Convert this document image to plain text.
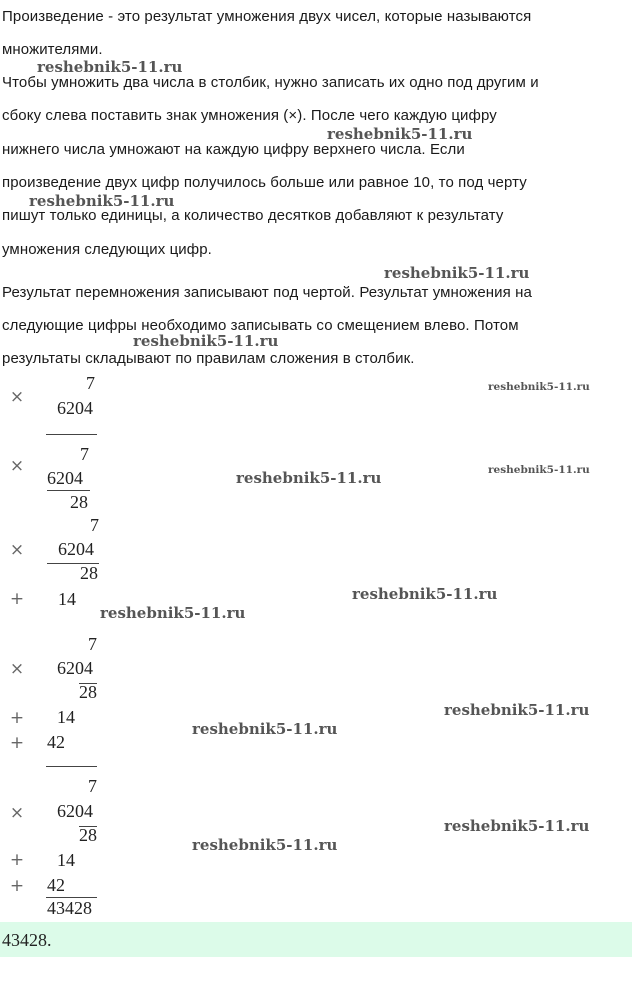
Произведение - это результат умножения двух чисел, которые называются
множителями.
Чтобы умножить два числа в столбик, нужно записать их одно под другим и
сбоку слева поставить знак умножения (×). После чего каждую цифру
нижнего числа умножают на каждую цифру верхнего числа. Если
произведение двух цифр получилось больше или равное 10, то под черту
пишут только единицы, а количество десятков добавляют к результату
умножения следующих цифр.
Результат перемножения записывают под чертой. Результат умножения на
следующие цифры необходимо записывать со смещением влево. Потом
результаты складывают по правилам сложения в столбик.
reshebnik5-11.ru
reshebnik5-11.ru
reshebnik5-11.ru
reshebnik5-11.ru
reshebnik5-11.ru
reshebnik5-11.ru
reshebnik5-11.ru
reshebnik5-11.ru
reshebnik5-11.ru
reshebnik5-11.ru
reshebnik5-11.ru
reshebnik5-11.ru
reshebnik5-11.ru
reshebnik5-11.ru
7
×
6204
7
×
6204
28
7
× 6204
28
+ 14
7
× 6204
28
+ 14
+ 42
7
× 6204
28
+ 14
+ 42
43428
43428.
